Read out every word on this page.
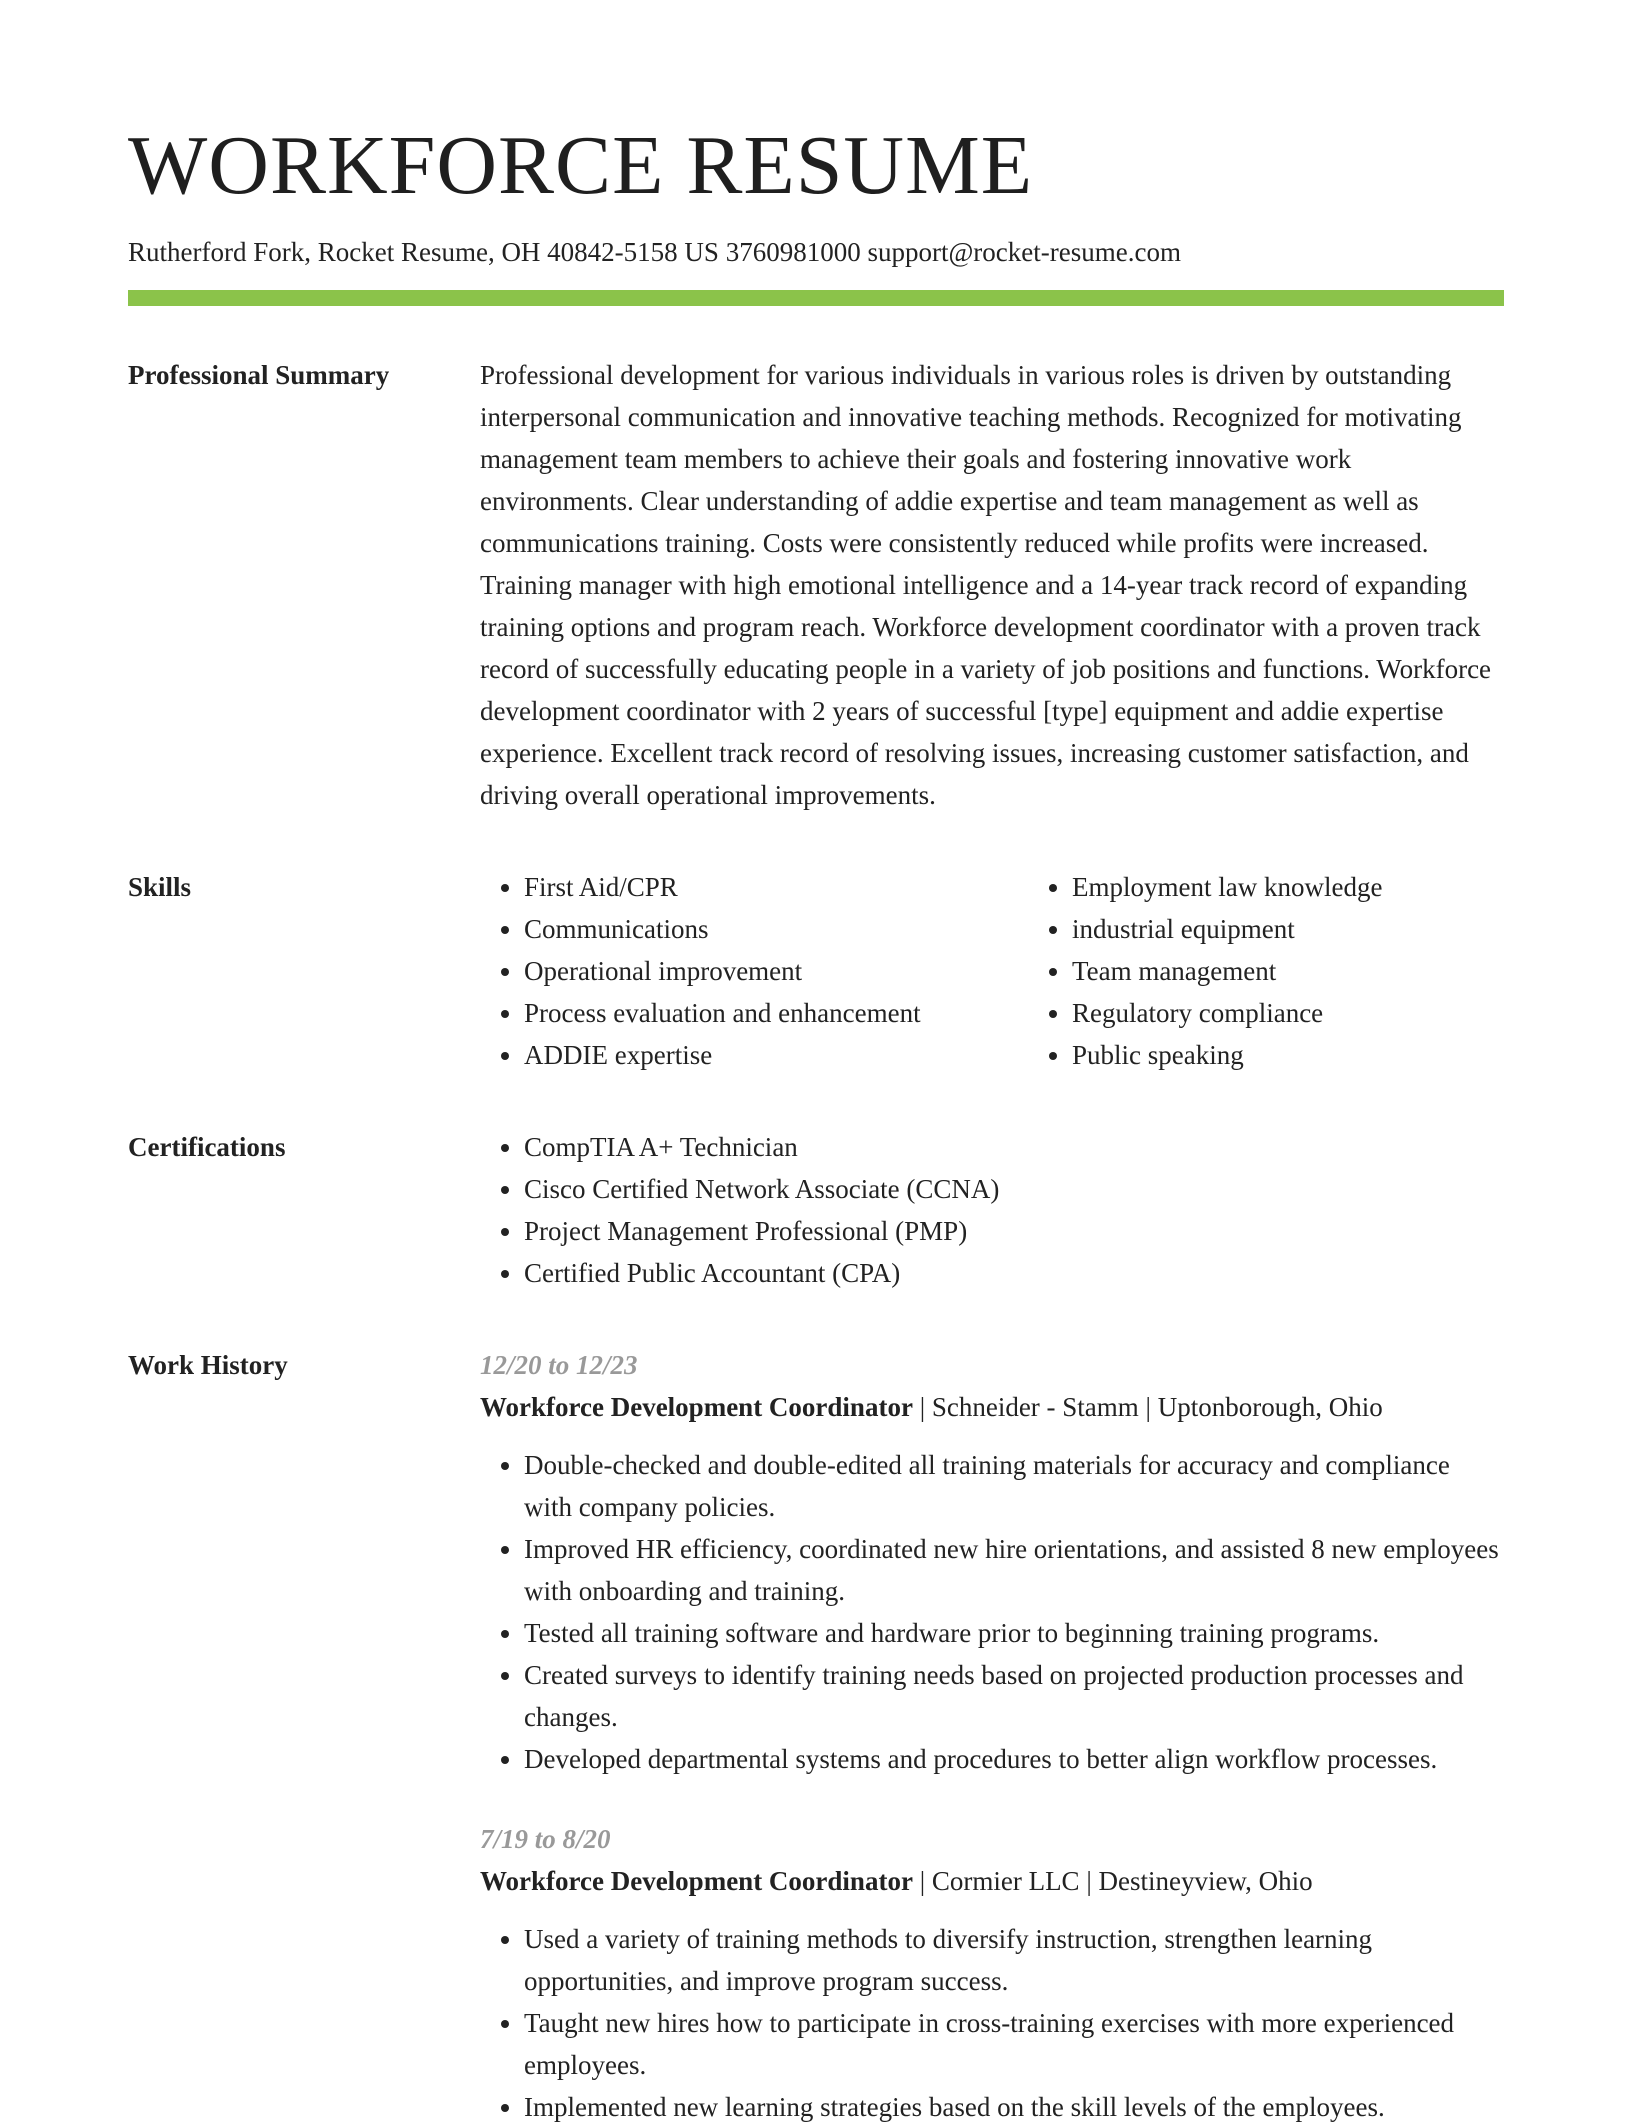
WORKFORCE RESUME
Rutherford Fork, Rocket Resume, OH 40842-5158 US 3760981000 support@rocket-resume.com
Professional Summary	Professional development for various individuals in various roles is driven by outstanding interpersonal communication and innovative teaching methods. Recognized for motivating management team members to achieve their goals and fostering innovative work environments. Clear understanding of addie expertise and team management as well as communications training. Costs were consistently reduced while profits were increased. Training manager with high emotional intelligence and a 14-year track record of expanding training options and program reach. Workforce development coordinator with a proven track record of successfully educating people in a variety of job positions and functions. Workforce development coordinator with 2 years of successful [type] equipment and addie expertise experience. Excellent track record of resolving issues, increasing customer satisfaction, and driving overall operational improvements.

Skills	• First Aid/CPR
• Communications
• Operational improvement
• Process evaluation and enhancement
• ADDIE expertise
• Employment law knowledge
• industrial equipment
• Team management
• Regulatory compliance
• Public speaking
Certifications	• CompTIA A+ Technician
• Cisco Certified Network Associate (CCNA)
• Project Management Professional (PMP)
• Certified Public Accountant (CPA)
Work History	12/20 to 12/23
Workforce Development Coordinator | Schneider - Stamm | Uptonborough, Ohio
• Double-checked and double-edited all training materials for accuracy and compliance with company policies.
• Improved HR efficiency, coordinated new hire orientations, and assisted 8 new employees with onboarding and training.
• Tested all training software and hardware prior to beginning training programs.
• Created surveys to identify training needs based on projected production processes and changes.
• Developed departmental systems and procedures to better align workflow processes.
7/19 to 8/20
Workforce Development Coordinator | Cormier LLC | Destineyview, Ohio
• Used a variety of training methods to diversify instruction, strengthen learning opportunities, and improve program success.
• Taught new hires how to participate in cross-training exercises with more experienced employees.
• Implemented new learning strategies based on the skill levels of the employees.
